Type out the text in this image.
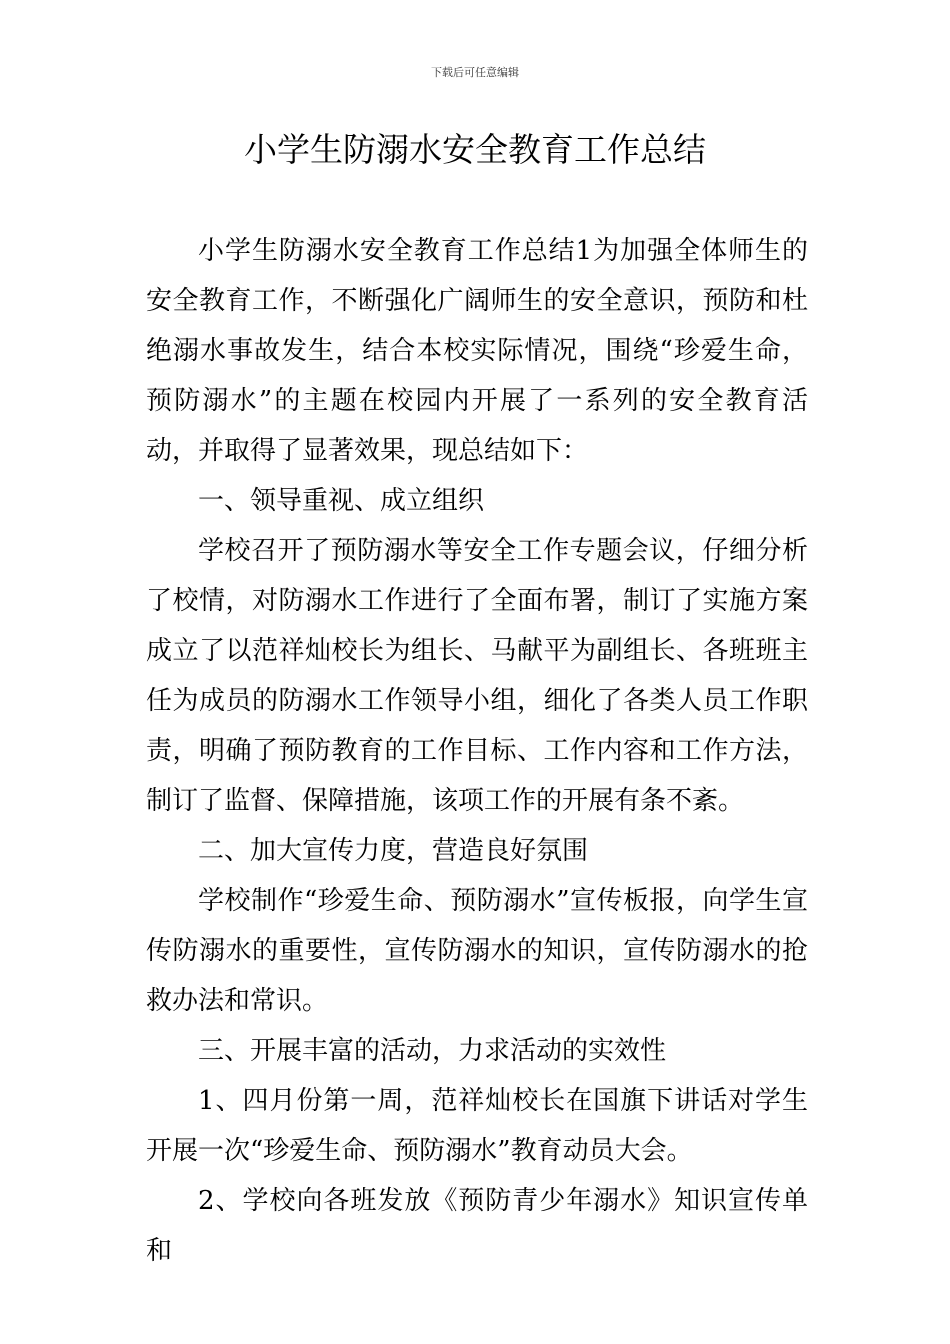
下载后可任意编辑
小学生防溺水安全教育工作总结

小学生防溺水安全教育工作总结1为加强全体师生的安全教育工作，不断强化广阔师生的安全意识，预防和杜绝溺水事故发生，结合本校实际情况，围绕“珍爱生命，预防溺水”的主题在校园内开展了一系列的安全教育活动，并取得了显著效果，现总结如下：

一、领导重视、成立组织

学校召开了预防溺水等安全工作专题会议，仔细分析了校情，对防溺水工作进行了全面布署，制订了实施方案成立了以范祥灿校长为组长、马献平为副组长、各班班主任为成员的防溺水工作领导小组，细化了各类人员工作职责，明确了预防教育的工作目标、工作内容和工作方法，制订了监督、保障措施，该项工作的开展有条不紊。

二、加大宣传力度，营造良好氛围

学校制作“珍爱生命、预防溺水”宣传板报，向学生宣传防溺水的重要性，宣传防溺水的知识，宣传防溺水的抢救办法和常识。

三、开展丰富的活动，力求活动的实效性

1、四月份第一周，范祥灿校长在国旗下讲话对学生开展一次“珍爱生命、预防溺水”教育动员大会。

2、学校向各班发放《预防青少年溺水》知识宣传单和
